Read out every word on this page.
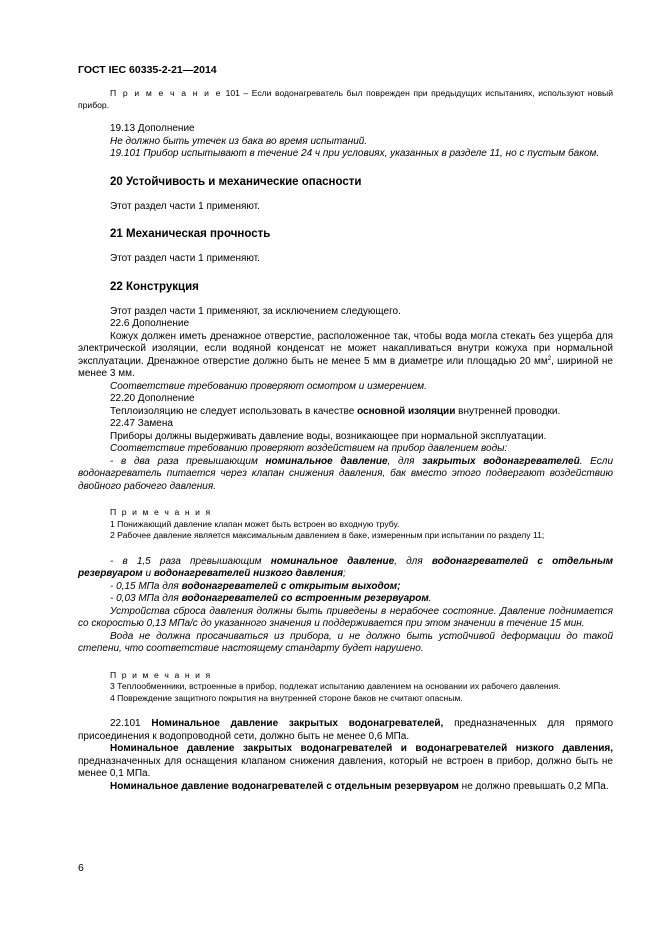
ГОСТ IEC 60335-2-21—2014

П р и м е ч а н и е 101 – Если водонагреватель был поврежден при предыдущих испытаниях, используют новый прибор.

19.13 Дополнение

Не должно быть утечек из бака во время испытаний.

19.101 Прибор испытывают в течение 24 ч при условиях, указанных в разделе 11, но с пустым баком.

20 Устойчивость и механические опасности

Этот раздел части 1 применяют.

21 Механическая прочность

Этот раздел части 1 применяют.

22 Конструкция

Этот раздел части 1 применяют, за исключением следующего.

22.6 Дополнение

Кожух должен иметь дренажное отверстие, расположенное так, чтобы вода могла стекать без ущерба для электрической изоляции, если водяной конденсат не может накапливаться внутри кожуха при нормальной эксплуатации. Дренажное отверстие должно быть не менее 5 мм в диаметре или площадью 20 $мм^2$, шириной не менее 3 мм.

Соответствие требованию проверяют осмотром и измерением.

22.20 Дополнение

Теплоизоляцию не следует использовать в качестве основной изоляции внутренней проводки.

22.47 Замена

Приборы должны выдерживать давление воды, возникающее при нормальной эксплуатации.

Соответствие требованию проверяют воздействием на прибор давлением воды:

- в два раза превышающим номинальное давление, для закрытых водонагревателей. Если водонагреватель питается через клапан снижения давления, бак вместо этого подвергают воздействию двойного рабочего давления.

П р и м е ч а н и я

1 Понижающий давление клапан может быть встроен во входную трубу.

2 Рабочее давление является максимальным давлением в баке, измеренным при испытании по разделу 11;

- в 1,5 раза превышающим номинальное давление, для водонагревателей с отдельным резервуаром и водонагревателей низкого давления;

- 0,15 МПа для водонагревателей с открытым выходом;

- 0,03 МПа для водонагревателей со встроенным резервуаром.

Устройства сброса давления должны быть приведены в нерабочее состояние. Давление поднимается со скоростью 0,13 МПа/с до указанного значения и поддерживается при этом значении в течение 15 мин.

Вода не должна просачиваться из прибора, и не должно быть устойчивой деформации до такой степени, что соответствие настоящему стандарту будет нарушено.

П р и м е ч а н и я

3 Теплообменники, встроенные в прибор, подлежат испытанию давлением на основании их рабочего давления.

4 Повреждение защитного покрытия на внутренней стороне баков не считают опасным.

22.101 Номинальное давление закрытых водонагревателей, предназначенных для прямого присоединения к водопроводной сети, должно быть не менее 0,6 МПа.

Номинальное давление закрытых водонагревателей и водонагревателей низкого давления, предназначенных для оснащения клапаном снижения давления, который не встроен в прибор, должно быть не менее 0,1 МПа.

Номинальное давление водонагревателей с отдельным резервуаром не должно превышать 0,2 МПа.

6
